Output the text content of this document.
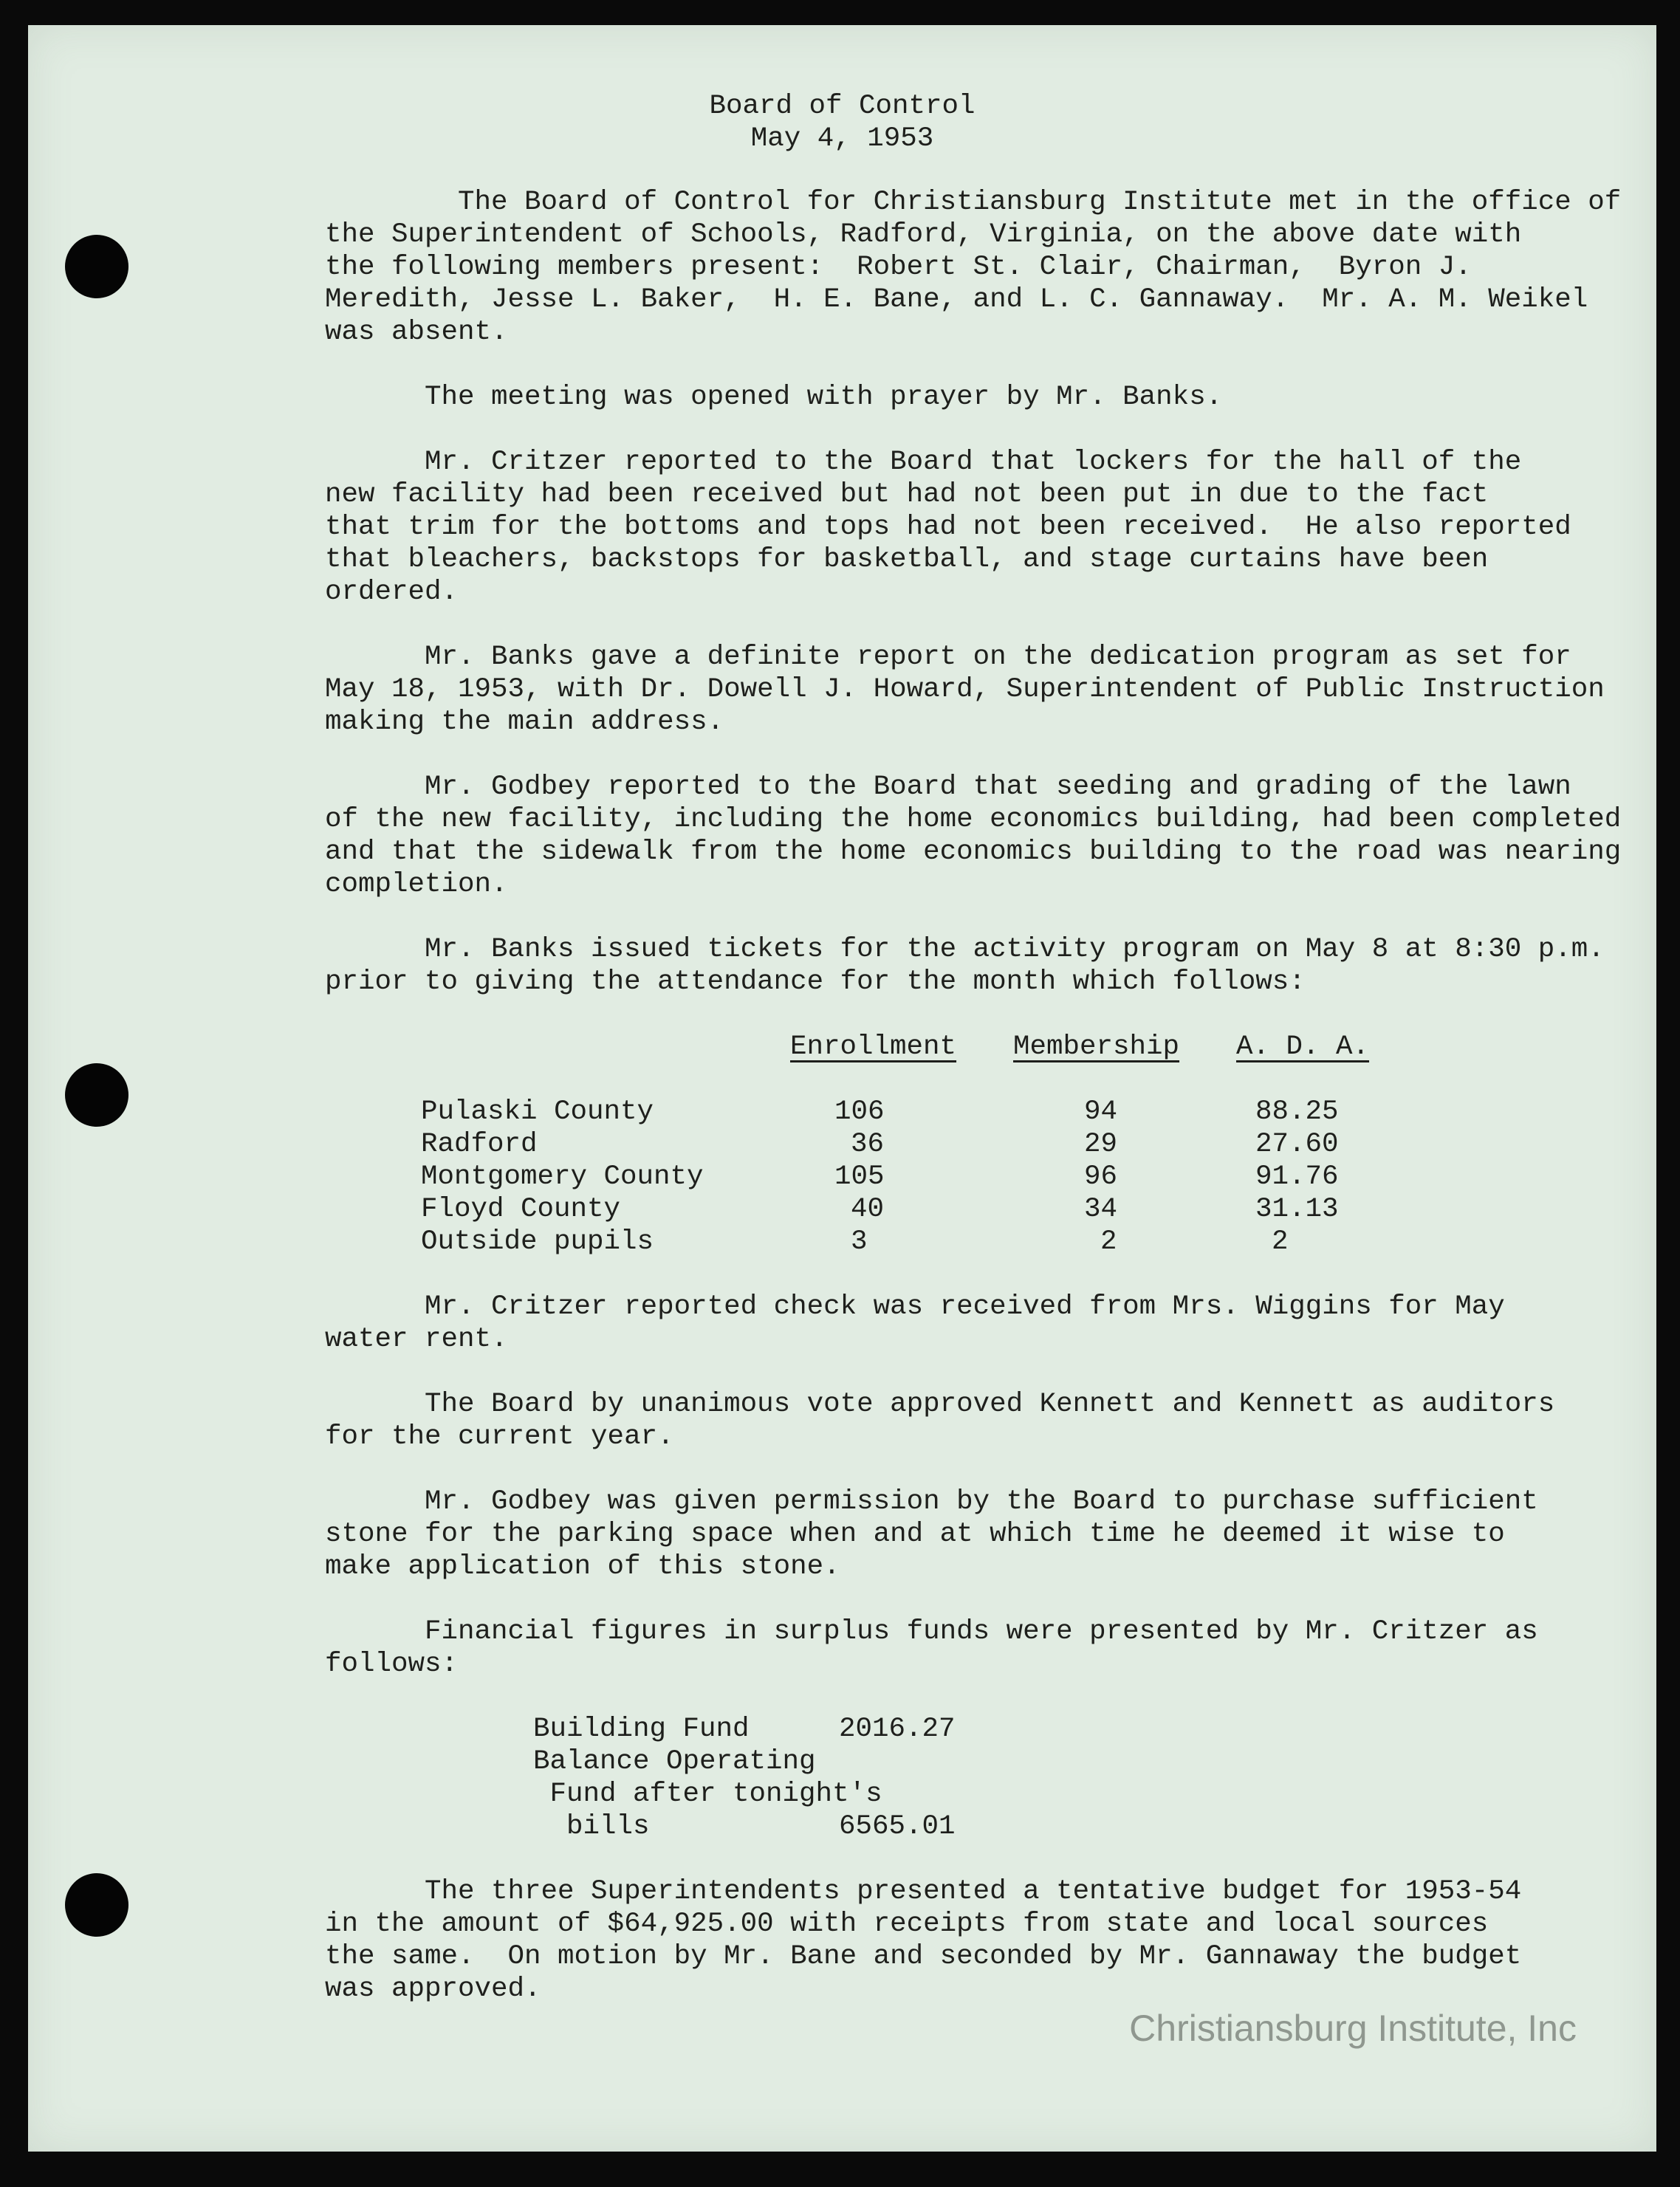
Board of Control
May 4, 1953
The Board of Control for Christiansburg Institute met in the office of
the Superintendent of Schools, Radford, Virginia, on the above date with
the following members present:  Robert St. Clair, Chairman,  Byron J.
Meredith, Jesse L. Baker,  H. E. Bane, and L. C. Gannaway.  Mr. A. M. Weikel
was absent.
The meeting was opened with prayer by Mr. Banks.
Mr. Critzer reported to the Board that lockers for the hall of the
new facility had been received but had not been put in due to the fact
that trim for the bottoms and tops had not been received.  He also reported
that bleachers, backstops for basketball, and stage curtains have been
ordered.
Mr. Banks gave a definite report on the dedication program as set for
May 18, 1953, with Dr. Dowell J. Howard, Superintendent of Public Instruction
making the main address.
Mr. Godbey reported to the Board that seeding and grading of the lawn
of the new facility, including the home economics building, had been completed
and that the sidewalk from the home economics building to the road was nearing
completion.
Mr. Banks issued tickets for the activity program on May 8 at 8:30 p.m.
prior to giving the attendance for the month which follows:
Enrollment Membership A. D. A.
Pulaski County	106	94	88.25
Radford	36	29	27.60
Montgomery County	105	96	91.76
Floyd County	40	34	31.13
Outside pupils	3	2	2
Mr. Critzer reported check was received from Mrs. Wiggins for May
water rent.
The Board by unanimous vote approved Kennett and Kennett as auditors
for the current year.
Mr. Godbey was given permission by the Board to purchase sufficient
stone for the parking space when and at which time he deemed it wise to
make application of this stone.
Financial figures in surplus funds were presented by Mr. Critzer as
follows:
Building Fund	2016.27
Balance Operating
Fund after tonight's
bills	6565.01
The three Superintendents presented a tentative budget for 1953-54
in the amount of $64,925.00 with receipts from state and local sources
the same.  On motion by Mr. Bane and seconded by Mr. Gannaway the budget
was approved.
Christiansburg Institute, Inc
